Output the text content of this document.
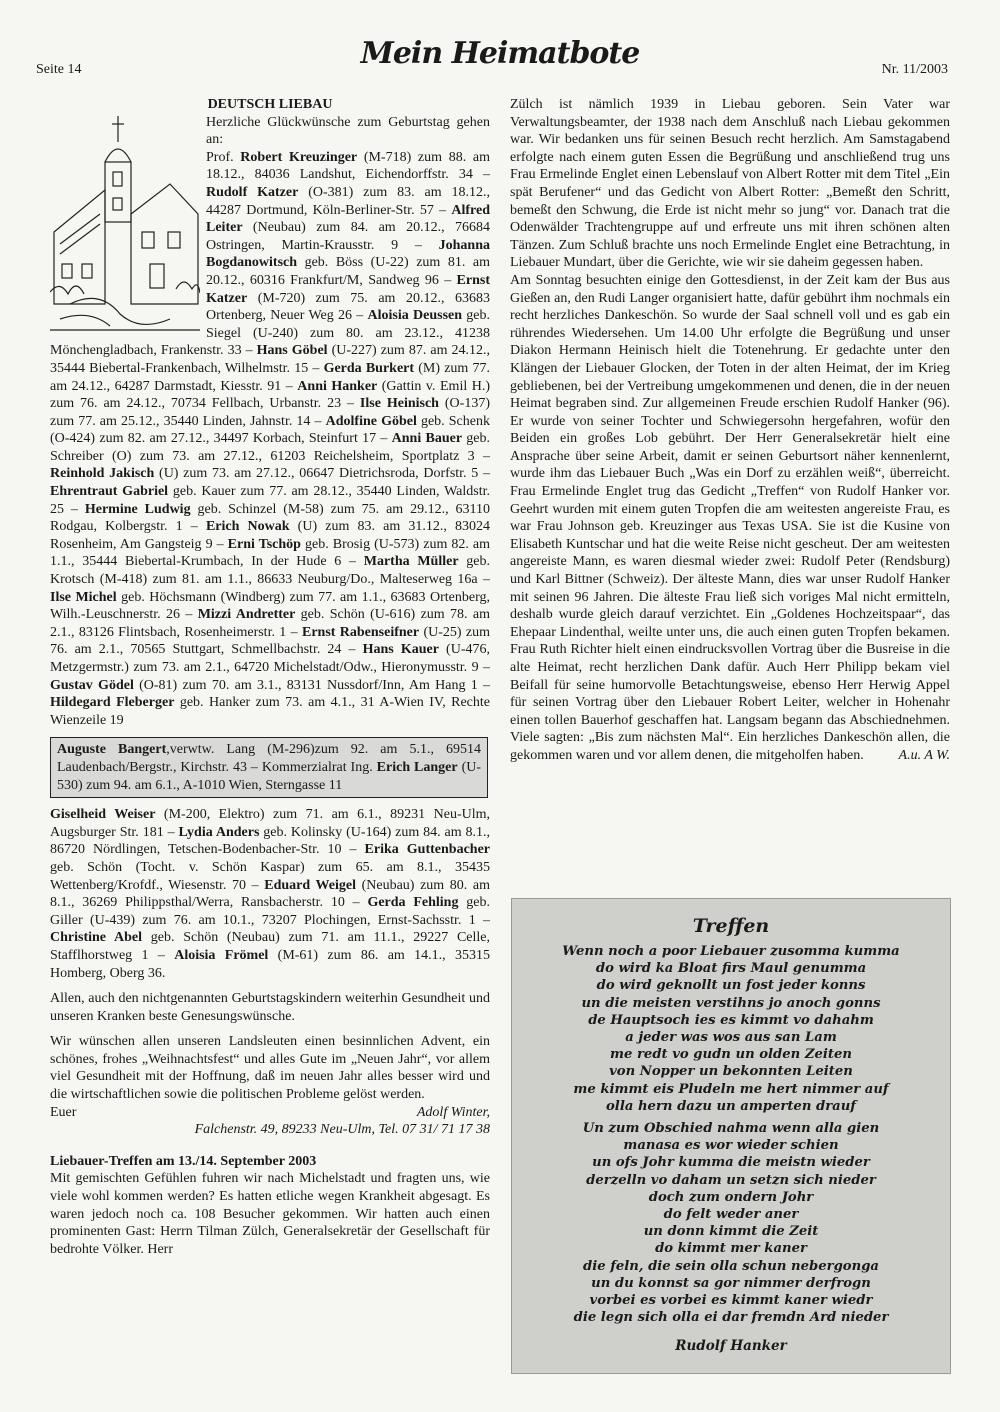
Seite 14	Mein Heimatbote	Nr. 11/2003

DEUTSCH LIEBAU

Herzliche Glückwünsche zum Geburtstag gehen an:

Prof. Robert Kreuzinger (M-718) zum 88. am 18.12., 84036 Landshut, Eichendorffstr. 34 – Rudolf Katzer (O-381) zum 83. am 18.12., 44287 Dortmund, Köln-Berliner-Str. 57 – Alfred Leiter (Neubau) zum 84. am 20.12., 76684 Ostringen, Martin-Krausstr. 9 – Johanna Bogdanowitsch geb. Böss (U-22) zum 81. am 20.12., 60316 Frankfurt/M, Sandweg 96 – Ernst Katzer (M-720) zum 75. am 20.12., 63683 Ortenberg, Neuer Weg 26 – Aloisia Deussen geb. Siegel (U-240) zum 80. am 23.12., 41238 Mönchengladbach, Frankenstr. 33 – Hans Göbel (U-227) zum 87. am 24.12., 35444 Biebertal-Frankenbach, Wilhelmstr. 15 – Gerda Burkert (M) zum 77. am 24.12., 64287 Darmstadt, Kiesstr. 91 – Anni Hanker (Gattin v. Emil H.) zum 76. am 24.12., 70734 Fellbach, Urbanstr. 23 – Ilse Heinisch (O-137) zum 77. am 25.12., 35440 Linden, Jahnstr. 14 – Adolfine Göbel geb. Schenk (O-424) zum 82. am 27.12., 34497 Korbach, Steinfurt 17 – Anni Bauer geb. Schreiber (O) zum 73. am 27.12., 61203 Reichelsheim, Sportplatz 3 – Reinhold Jakisch (U) zum 73. am 27.12., 06647 Dietrichsroda, Dorfstr. 5 – Ehrentraut Gabriel geb. Kauer zum 77. am 28.12., 35440 Linden, Waldstr. 25 – Hermine Ludwig geb. Schinzel (M-58) zum 75. am 29.12., 63110 Rodgau, Kolbergstr. 1 – Erich Nowak (U) zum 83. am 31.12., 83024 Rosenheim, Am Gangsteig 9 – Erni Tschöp geb. Brosig (U-573) zum 82. am 1.1., 35444 Biebertal-Krumbach, In der Hude 6 – Martha Müller geb. Krotsch (M-418) zum 81. am 1.1., 86633 Neuburg/Do., Malteserweg 16a – Ilse Michel geb. Höchsmann (Windberg) zum 77. am 1.1., 63683 Ortenberg, Wilh.-Leuschnerstr. 26 – Mizzi Andretter geb. Schön (U-616) zum 78. am 2.1., 83126 Flintsbach, Rosenheimerstr. 1 – Ernst Rabenseifner (U-25) zum 76. am 2.1., 70565 Stuttgart, Schmellbachstr. 24 – Hans Kauer (U-476, Metzgermstr.) zum 73. am 2.1., 64720 Michelstadt/Odw., Hieronymusstr. 9 – Gustav Gödel (O-81) zum 70. am 3.1., 83131 Nussdorf/Inn, Am Hang 1 – Hildegard Fleberger geb. Hanker zum 73. am 4.1., 31 A-Wien IV, Rechte Wienzeile 19

Auguste Bangert,verwtw. Lang (M-296)zum 92. am 5.1., 69514 Laudenbach/Bergstr., Kirchstr. 43 – Kommerzialrat Ing. Erich Langer (U-530) zum 94. am 6.1., A-1010 Wien, Sterngasse 11

Giselheid Weiser (M-200, Elektro) zum 71. am 6.1., 89231 Neu-Ulm, Augsburger Str. 181 – Lydia Anders geb. Kolinsky (U-164) zum 84. am 8.1., 86720 Nördlingen, Tetschen-Bodenbacher-Str. 10 – Erika Guttenbacher geb. Schön (Tocht. v. Schön Kaspar) zum 65. am 8.1., 35435 Wettenberg/Krofdf., Wiesenstr. 70 – Eduard Weigel (Neubau) zum 80. am 8.1., 36269 Philippsthal/Werra, Ransbacherstr. 10 – Gerda Fehling geb. Giller (U-439) zum 76. am 10.1., 73207 Plochingen, Ernst-Sachsstr. 1 – Christine Abel geb. Schön (Neubau) zum 71. am 11.1., 29227 Celle, Stafflhorstweg 1 – Aloisia Frömel (M-61) zum 86. am 14.1., 35315 Homberg, Oberg 36.

Allen, auch den nichtgenannten Geburtstagskindern weiterhin Gesundheit und unseren Kranken beste Genesungswünsche.

Wir wünschen allen unseren Landsleuten einen besinnlichen Advent, ein schönes, frohes „Weihnachtsfest“ und alles Gute im „Neuen Jahr“, vor allem viel Gesundheit mit der Hoffnung, daß im neuen Jahr alles besser wird und die wirtschaftlichen sowie die politischen Probleme gelöst werden.

Euer	Adolf Winter,

Falchenstr. 49, 89233 Neu-Ulm, Tel. 07 31/ 71 17 38

Liebauer-Treffen am 13./14. September 2003

Mit gemischten Gefühlen fuhren wir nach Michelstadt und fragten uns, wie viele wohl kommen werden? Es hatten etliche wegen Krankheit abgesagt. Es waren jedoch noch ca. 108 Besucher gekommen. Wir hatten auch einen prominenten Gast: Herrn Tilman Zülch, Generalsekretär der Gesellschaft für bedrohte Völker. Herr

Zülch ist nämlich 1939 in Liebau geboren. Sein Vater war Verwaltungsbeamter, der 1938 nach dem Anschluß nach Liebau gekommen war. Wir bedanken uns für seinen Besuch recht herzlich. Am Samstagabend erfolgte nach einem guten Essen die Begrüßung und anschließend trug uns Frau Ermelinde Englet einen Lebenslauf von Albert Rotter mit dem Titel „Ein spät Berufener“ und das Gedicht von Albert Rotter: „Bemeßt den Schritt, bemeßt den Schwung, die Erde ist nicht mehr so jung“ vor. Danach trat die Odenwälder Trachtengruppe auf und erfreute uns mit ihren schönen alten Tänzen. Zum Schluß brachte uns noch Ermelinde Englet eine Betrachtung, in Liebauer Mundart, über die Gerichte, wie wir sie daheim gegessen haben.

Am Sonntag besuchten einige den Gottesdienst, in der Zeit kam der Bus aus Gießen an, den Rudi Langer organisiert hatte, dafür gebührt ihm nochmals ein recht herzliches Dankeschön. So wurde der Saal schnell voll und es gab ein rührendes Wiedersehen. Um 14.00 Uhr erfolgte die Begrüßung und unser Diakon Hermann Heinisch hielt die Totenehrung. Er gedachte unter den Klängen der Liebauer Glocken, der Toten in der alten Heimat, der im Krieg gebliebenen, bei der Vertreibung umgekommenen und denen, die in der neuen Heimat begraben sind. Zur allgemeinen Freude erschien Rudolf Hanker (96). Er wurde von seiner Tochter und Schwiegersohn hergefahren, wofür den Beiden ein großes Lob gebührt. Der Herr Generalsekretär hielt eine Ansprache über seine Arbeit, damit er seinen Geburtsort näher kennenlernt, wurde ihm das Liebauer Buch „Was ein Dorf zu erzählen weiß“, überreicht. Frau Ermelinde Englet trug das Gedicht „Treffen“ von Rudolf Hanker vor. Geehrt wurden mit einem guten Tropfen die am weitesten angereiste Frau, es war Frau Johnson geb. Kreuzinger aus Texas USA. Sie ist die Kusine von Elisabeth Kuntschar und hat die weite Reise nicht gescheut. Der am weitesten angereiste Mann, es waren diesmal wieder zwei: Rudolf Peter (Rendsburg) und Karl Bittner (Schweiz). Der älteste Mann, dies war unser Rudolf Hanker mit seinen 96 Jahren. Die älteste Frau ließ sich voriges Mal nicht ermitteln, deshalb wurde gleich darauf verzichtet. Ein „Goldenes Hochzeitspaar“, das Ehepaar Lindenthal, weilte unter uns, die auch einen guten Tropfen bekamen. Frau Ruth Richter hielt einen eindrucksvollen Vortrag über die Busreise in die alte Heimat, recht herzlichen Dank dafür. Auch Herr Philipp bekam viel Beifall für seine humorvolle Betachtungsweise, ebenso Herr Herwig Appel für seinen Vortrag über den Liebauer Robert Leiter, welcher in Hohenahr einen tollen Bauerhof geschaffen hat. Langsam begann das Abschiednehmen. Viele sagten: „Bis zum nächsten Mal“. Ein herzliches Dankeschön allen, die gekommen waren und vor allem denen, die mitgeholfen haben. A.u. A W.

Treffen
Wenn noch a poor Liebauer zusomma kumma
do wird ka Bloat firs Maul genumma
do wird geknollt un fost jeder konns
un die meisten verstihns jo anoch gonns
de Hauptsoch ies es kimmt vo dahahm
a jeder was wos aus san Lam
me redt vo gudn un olden Zeiten
von Nopper un bekonnten Leiten
me kimmt eis Pludeln me hert nimmer auf
olla hern dazu un amperten drauf
Un zum Obschied nahma wenn alla gien
manasa es wor wieder schien
un ofs Johr kumma die meistn wieder
derzelln vo daham un setzn sich nieder
doch zum ondern Johr
do felt weder aner
un donn kimmt die Zeit
do kimmt mer kaner
die feln, die sein olla schun nebergonga
un du konnst sa gor nimmer derfrogn
vorbei es vorbei es kimmt kaner wiedr
die legn sich olla ei dar fremdn Ard nieder
Rudolf Hanker
